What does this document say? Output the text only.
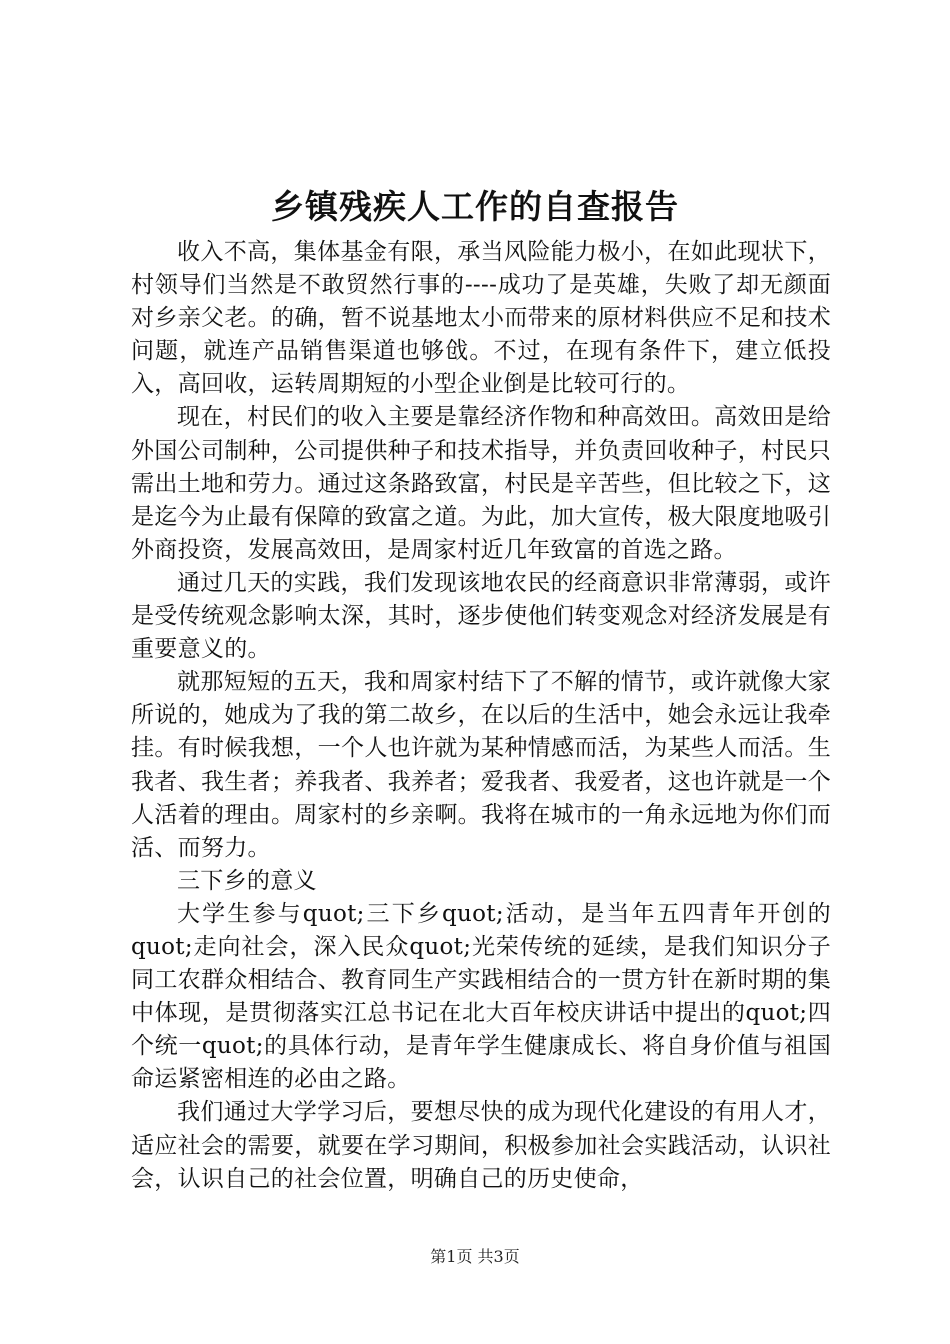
乡镇残疾人工作的自查报告

收入不高，集体基金有限，承当风险能力极小，在如此现状下，村领导们当然是不敢贸然行事的----成功了是英雄，失败了却无颜面对乡亲父老。的确，暂不说基地太小而带来的原材料供应不足和技术问题，就连产品销售渠道也够戗。不过，在现有条件下，建立低投入，高回收，运转周期短的小型企业倒是比较可行的。

现在，村民们的收入主要是靠经济作物和种高效田。高效田是给外国公司制种，公司提供种子和技术指导，并负责回收种子，村民只需出土地和劳力。通过这条路致富，村民是辛苦些，但比较之下，这是迄今为止最有保障的致富之道。为此，加大宣传，极大限度地吸引外商投资，发展高效田，是周家村近几年致富的首选之路。

通过几天的实践，我们发现该地农民的经商意识非常薄弱，或许是受传统观念影响太深，其时，逐步使他们转变观念对经济发展是有重要意义的。

就那短短的五天，我和周家村结下了不解的情节，或许就像大家所说的，她成为了我的第二故乡，在以后的生活中，她会永远让我牵挂。有时候我想，一个人也许就为某种情感而活，为某些人而活。生我者、我生者；养我者、我养者；爱我者、我爱者，这也许就是一个人活着的理由。周家村的乡亲啊。我将在城市的一角永远地为你们而活、而努力。

三下乡的意义

大学生参与quot;三下乡quot;活动，是当年五四青年开创的quot;走向社会，深入民众quot;光荣传统的延续，是我们知识分子同工农群众相结合、教育同生产实践相结合的一贯方针在新时期的集中体现，是贯彻落实江总书记在北大百年校庆讲话中提出的quot;四个统一quot;的具体行动，是青年学生健康成长、将自身价值与祖国命运紧密相连的必由之路。

我们通过大学学习后，要想尽快的成为现代化建设的有用人才，适应社会的需要，就要在学习期间，积极参加社会实践活动，认识社会，认识自己的社会位置，明确自己的历史使命，

第1页 共3页
